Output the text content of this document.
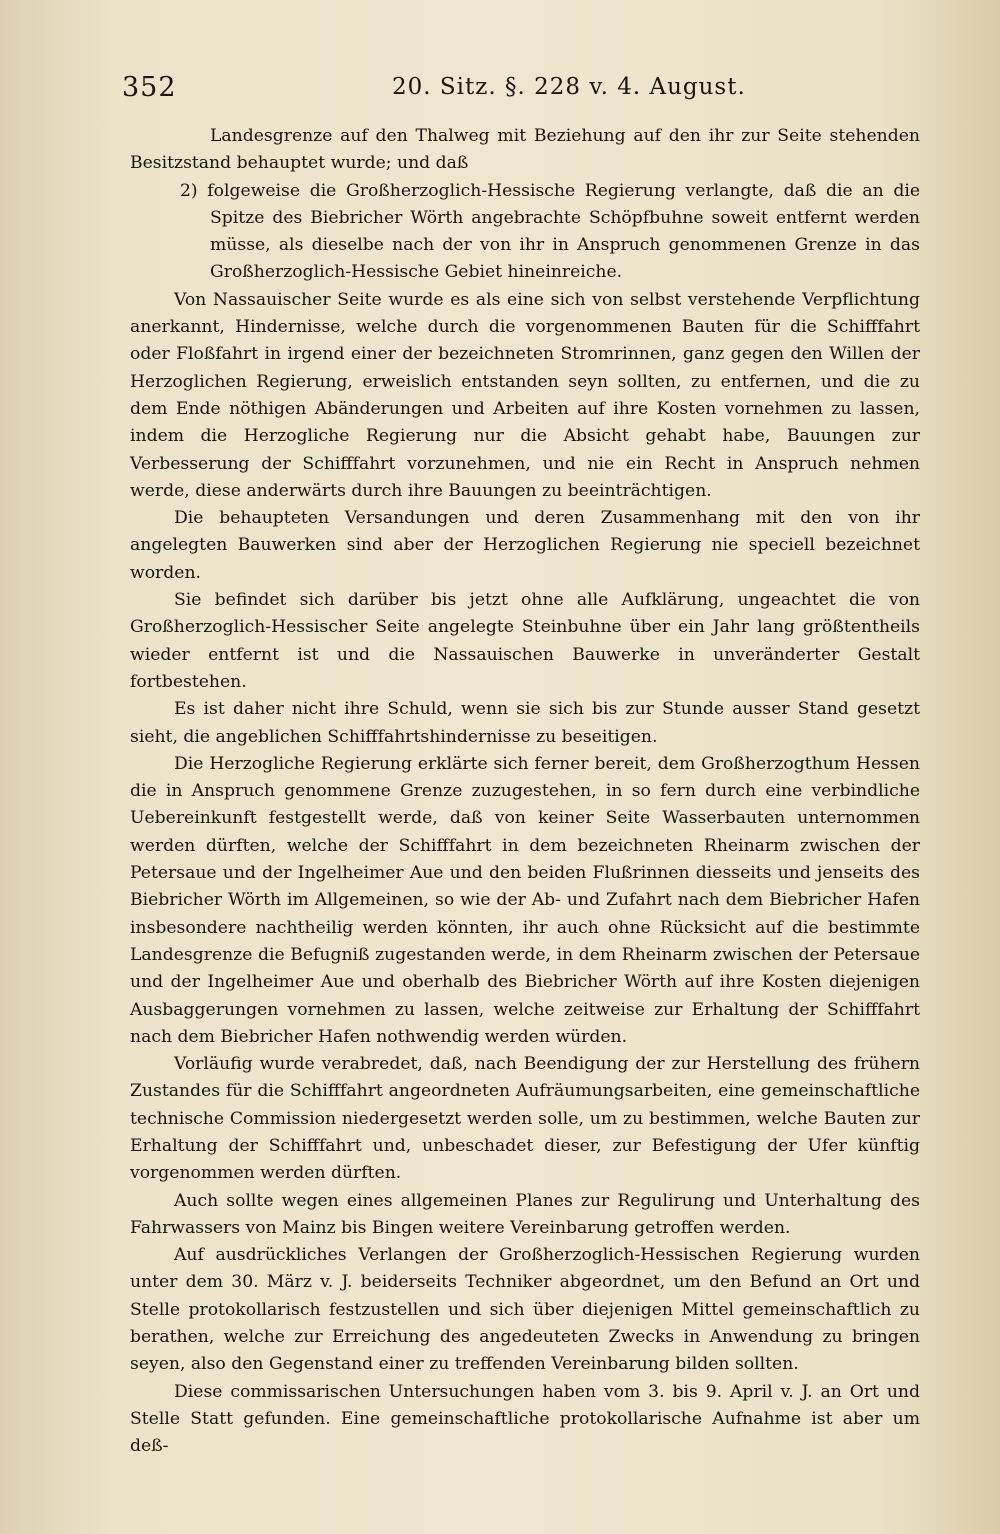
352	20. Sitz. §. 228 v. 4. August.

Landesgrenze auf den Thalweg mit Beziehung auf den ihr zur Seite stehenden Besitzstand behauptet wurde; und daß

2) folgeweise die Großherzoglich-Hessische Regierung verlangte, daß die an die Spitze des Biebricher Wörth angebrachte Schöpfbuhne soweit entfernt werden müsse, als dieselbe nach der von ihr in Anspruch genommenen Grenze in das Großherzoglich-Hessische Gebiet hineinreiche.

Von Nassauischer Seite wurde es als eine sich von selbst verstehende Verpflichtung anerkannt, Hindernisse, welche durch die vorgenommenen Bauten für die Schifffahrt oder Floßfahrt in irgend einer der bezeichneten Stromrinnen, ganz gegen den Willen der Herzoglichen Regierung, erweislich entstanden seyn sollten, zu entfernen, und die zu dem Ende nöthigen Abänderungen und Arbeiten auf ihre Kosten vornehmen zu lassen, indem die Herzogliche Regierung nur die Absicht gehabt habe, Bauungen zur Verbesserung der Schifffahrt vorzunehmen, und nie ein Recht in Anspruch nehmen werde, diese anderwärts durch ihre Bauungen zu beeinträchtigen.

Die behaupteten Versandungen und deren Zusammenhang mit den von ihr angelegten Bauwerken sind aber der Herzoglichen Regierung nie speciell bezeichnet worden.

Sie befindet sich darüber bis jetzt ohne alle Aufklärung, ungeachtet die von Großherzoglich-Hessischer Seite angelegte Steinbuhne über ein Jahr lang größtentheils wieder entfernt ist und die Nassauischen Bauwerke in unveränderter Gestalt fortbestehen.

Es ist daher nicht ihre Schuld, wenn sie sich bis zur Stunde ausser Stand gesetzt sieht, die angeblichen Schifffahrtshindernisse zu beseitigen.

Die Herzogliche Regierung erklärte sich ferner bereit, dem Großherzogthum Hessen die in Anspruch genommene Grenze zuzugestehen, in so fern durch eine verbindliche Uebereinkunft festgestellt werde, daß von keiner Seite Wasserbauten unternommen werden dürften, welche der Schifffahrt in dem bezeichneten Rheinarm zwischen der Petersaue und der Ingelheimer Aue und den beiden Flußrinnen diesseits und jenseits des Biebricher Wörth im Allgemeinen, so wie der Ab- und Zufahrt nach dem Biebricher Hafen insbesondere nachtheilig werden könnten, ihr auch ohne Rücksicht auf die bestimmte Landesgrenze die Befugniß zugestanden werde, in dem Rheinarm zwischen der Petersaue und der Ingelheimer Aue und oberhalb des Biebricher Wörth auf ihre Kosten diejenigen Ausbaggerungen vornehmen zu lassen, welche zeitweise zur Erhaltung der Schifffahrt nach dem Biebricher Hafen nothwendig werden würden.

Vorläufig wurde verabredet, daß, nach Beendigung der zur Herstellung des frühern Zustandes für die Schifffahrt angeordneten Aufräumungsarbeiten, eine gemeinschaftliche technische Commission niedergesetzt werden solle, um zu bestimmen, welche Bauten zur Erhaltung der Schifffahrt und, unbeschadet dieser, zur Befestigung der Ufer künftig vorgenommen werden dürften.

Auch sollte wegen eines allgemeinen Planes zur Regulirung und Unterhaltung des Fahrwassers von Mainz bis Bingen weitere Vereinbarung getroffen werden.

Auf ausdrückliches Verlangen der Großherzoglich-Hessischen Regierung wurden unter dem 30. März v. J. beiderseits Techniker abgeordnet, um den Befund an Ort und Stelle protokollarisch festzustellen und sich über diejenigen Mittel gemeinschaftlich zu berathen, welche zur Erreichung des angedeuteten Zwecks in Anwendung zu bringen seyen, also den Gegenstand einer zu treffenden Vereinbarung bilden sollten.

Diese commissarischen Untersuchungen haben vom 3. bis 9. April v. J. an Ort und Stelle Statt gefunden. Eine gemeinschaftliche protokollarische Aufnahme ist aber um deß-
